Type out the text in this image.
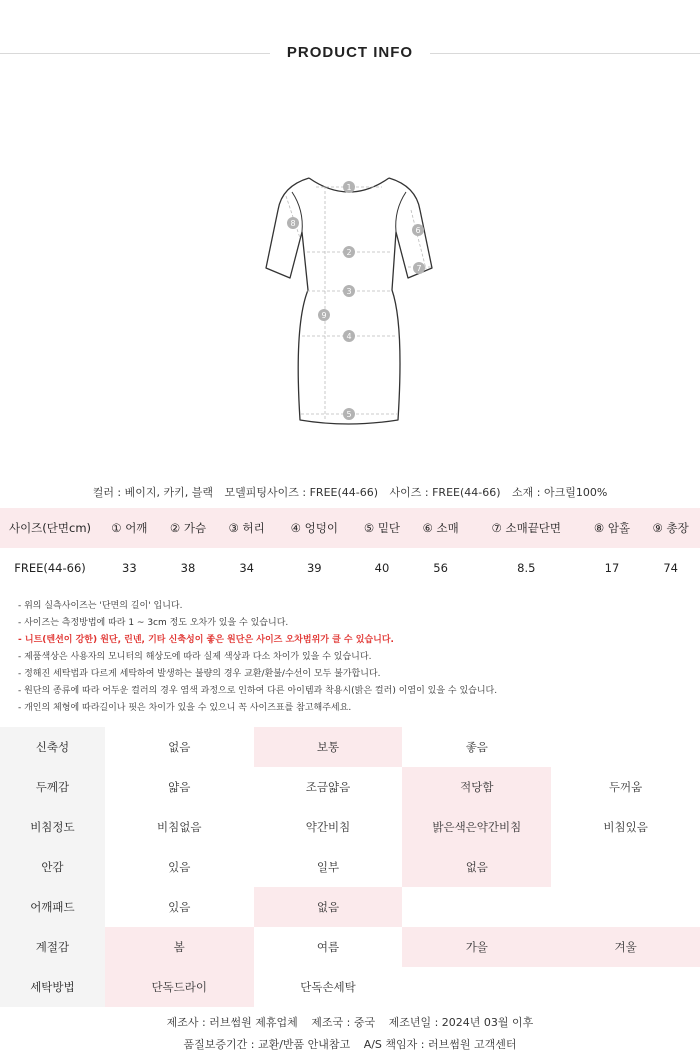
PRODUCT INFO
1
2
3
4
5
6
7
8
9
컬러 : 베이지, 카키, 블랙 모델피팅사이즈 : FREE(44-66) 사이즈 : FREE(44-66) 소재 : 아크릴100%
사이즈(단면cm)	① 어깨	② 가슴	③ 허리	④ 엉덩이	⑤ 밑단	⑥ 소매	⑦ 소매끝단면	⑧ 암홀	⑨ 총장
FREE(44-66)	33	38	34	39	40	56	8.5	17	74
- 위의 실측사이즈는 '단면의 길이' 입니다.
- 사이즈는 측정방법에 따라 1 ~ 3cm 정도 오차가 있을 수 있습니다.
- 니트(텐션이 강한) 원단, 린넨, 기타 신축성이 좋은 원단은 사이즈 오차범위가 클 수 있습니다.
- 제품색상은 사용자의 모니터의 해상도에 따라 실제 색상과 다소 차이가 있을 수 있습니다.
- 정해진 세탁법과 다르게 세탁하여 발생하는 불량의 경우 교환/환불/수선이 모두 불가합니다.
- 원단의 종류에 따라 어두운 컬러의 경우 염색 과정으로 인하여 다른 아이템과 착용시(밝은 컬러) 이염이 있을 수 있습니다.
- 개인의 체형에 따라길이나 핏은 차이가 있을 수 있으니 꼭 사이즈표를 참고해주세요.
신축성	없음	보통	좋음	
두께감	얇음	조금얇음	적당함	두꺼움
비침정도	비침없음	약간비침	밝은색은약간비침	비침있음
안감	있음	일부	없음	
어깨패드	있음	없음		
계절감	봄	여름	가을	겨울
세탁방법	단독드라이	단독손세탁		
제조사 : 러브썸원 제휴업체 제조국 : 중국 제조년일 : 2024년 03월 이후
품질보증기간 : 교환/반품 안내참고 A/S 책임자 : 러브썸원 고객센터
